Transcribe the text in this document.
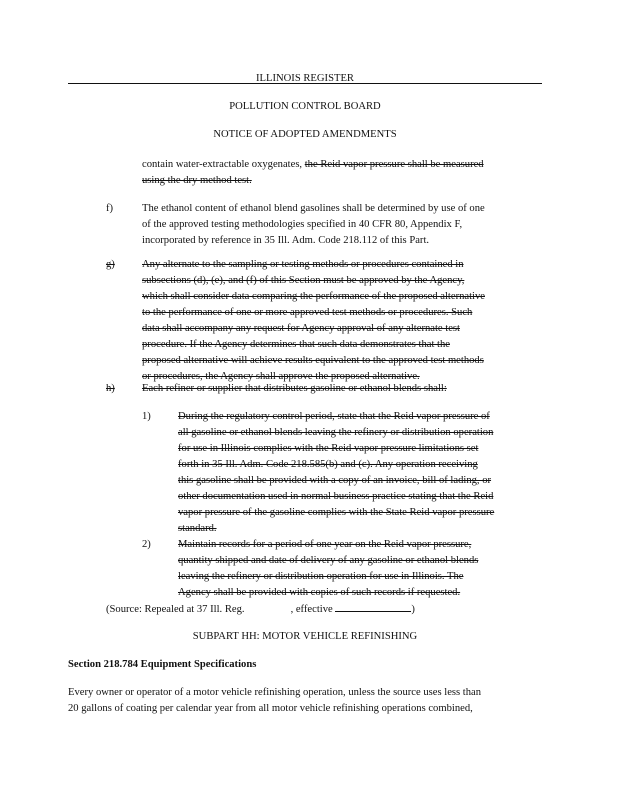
ILLINOIS REGISTER
POLLUTION CONTROL BOARD
NOTICE OF ADOPTED AMENDMENTS
contain water-extractable oxygenates, the Reid vapor pressure shall be measured
using the dry method test.
f)	The ethanol content of ethanol blend gasolines shall be determined by use of one
of the approved testing methodologies specified in 40 CFR 80, Appendix F,
incorporated by reference in 35 Ill. Adm. Code 218.112 of this Part.
g)	Any alternate to the sampling or testing methods or procedures contained in
subsections (d), (e), and (f) of this Section must be approved by the Agency,
which shall consider data comparing the performance of the proposed alternative
to the performance of one or more approved test methods or procedures. Such
data shall accompany any request for Agency approval of any alternate test
procedure. If the Agency determines that such data demonstrates that the
proposed alternative will achieve results equivalent to the approved test methods
or procedures, the Agency shall approve the proposed alternative.
h)	Each refiner or supplier that distributes gasoline or ethanol blends shall:
1)	During the regulatory control period, state that the Reid vapor pressure of
all gasoline or ethanol blends leaving the refinery or distribution operation
for use in Illinois complies with the Reid vapor pressure limitations set
forth in 35 Ill. Adm. Code 218.585(b) and (c). Any operation receiving
this gasoline shall be provided with a copy of an invoice, bill of lading, or
other documentation used in normal business practice stating that the Reid
vapor pressure of the gasoline complies with the State Reid vapor pressure
standard.
2)	Maintain records for a period of one year on the Reid vapor pressure,
quantity shipped and date of delivery of any gasoline or ethanol blends
leaving the refinery or distribution operation for use in Illinois. The
Agency shall be provided with copies of such records if requested.
(Source: Repealed at 37 Ill. Reg.	, effective	)
SUBPART HH: MOTOR VEHICLE REFINISHING
Section 218.784 Equipment Specifications
Every owner or operator of a motor vehicle refinishing operation, unless the source uses less than
20 gallons of coating per calendar year from all motor vehicle refinishing operations combined,
